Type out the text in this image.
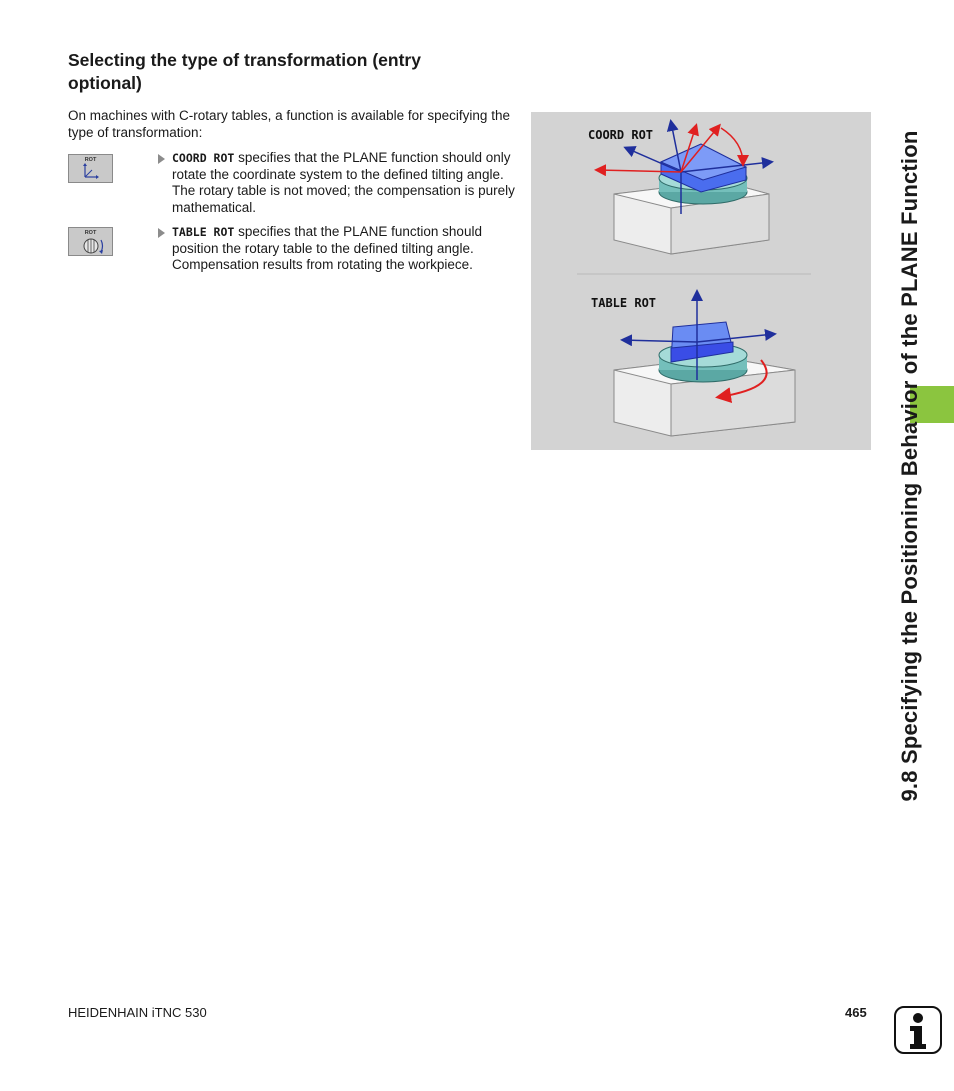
Selecting the type of transformation (entry optional)

On machines with C-rotary tables, a function is available for specifying the type of transformation:

ROT	COORD ROT specifies that the PLANE function should only rotate the coordinate system to the defined tilting angle. The rotary table is not moved; the compensation is purely mathematical.
ROT	TABLE ROT specifies that the PLANE function should position the rotary table to the defined tilting angle. Compensation results from rotating the workpiece.
COORD ROT
TABLE ROT	9.8 Specifying the Positioning Behavior of the PLANE Function
HEIDENHAIN iTNC 530	465
